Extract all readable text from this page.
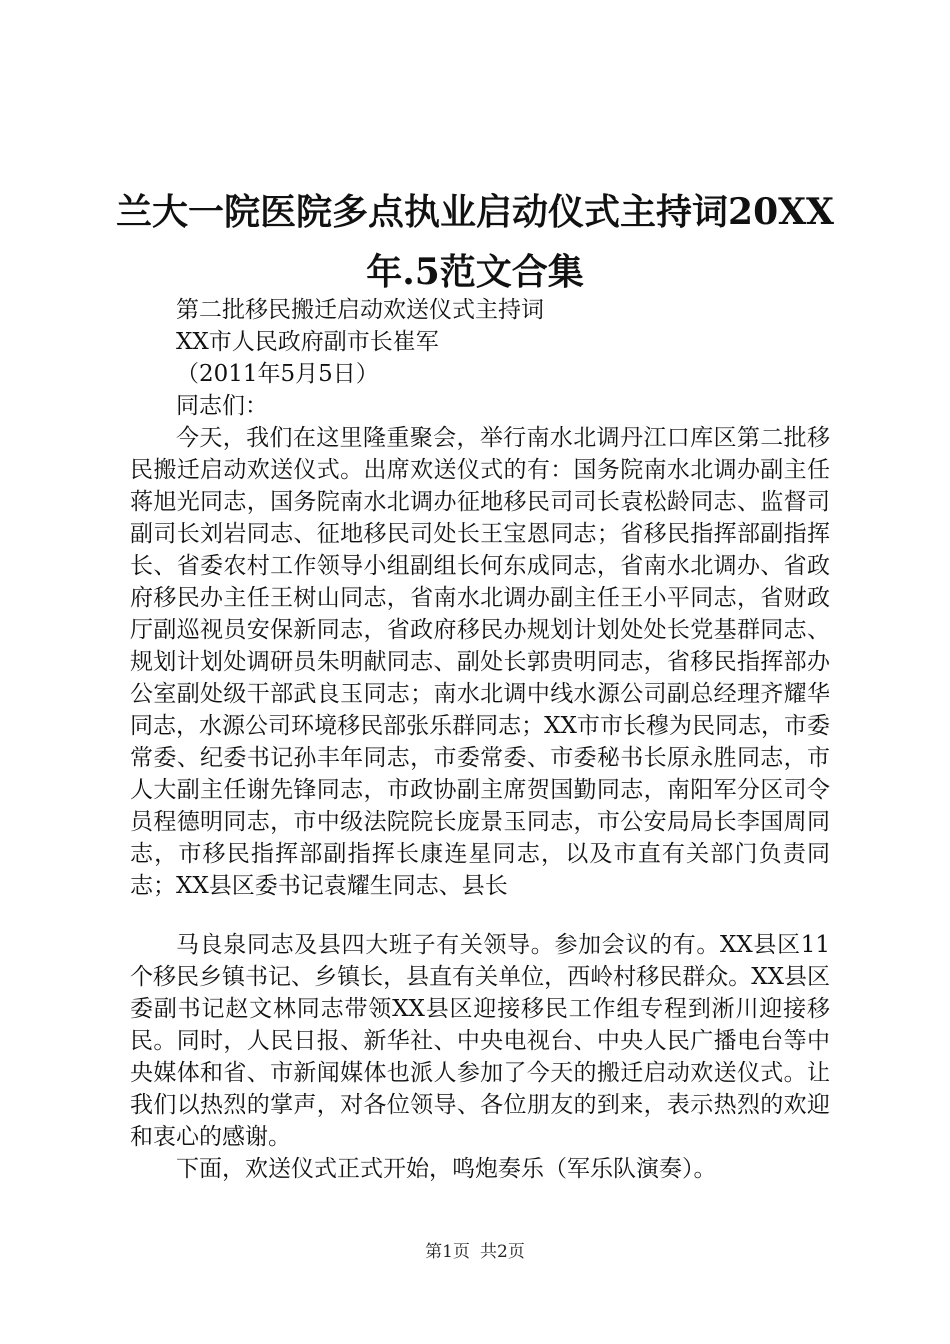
兰大一院医院多点执业启动仪式主持词20XX
年.5范文合集
第二批移民搬迁启动欢送仪式主持词
XX市人民政府副市长崔军
（2011年5月5日）
同志们：

今天，我们在这里隆重聚会，举行南水北调丹江口库区第二批移民搬迁启动欢送仪式。出席欢送仪式的有：国务院南水北调办副主任蒋旭光同志，国务院南水北调办征地移民司司长袁松龄同志、监督司副司长刘岩同志、征地移民司处长王宝恩同志；省移民指挥部副指挥长、省委农村工作领导小组副组长何东成同志，省南水北调办、省政府移民办主任王树山同志，省南水北调办副主任王小平同志，省财政厅副巡视员安保新同志，省政府移民办规划计划处处长党基群同志、规划计划处调研员朱明献同志、副处长郭贵明同志，省移民指挥部办公室副处级干部武良玉同志；南水北调中线水源公司副总经理齐耀华同志，水源公司环境移民部张乐群同志；XX市市长穆为民同志，市委常委、纪委书记孙丰年同志，市委常委、市委秘书长原永胜同志，市人大副主任谢先锋同志，市政协副主席贺国勤同志，南阳军分区司令员程德明同志，市中级法院院长庞景玉同志，市公安局局长李国周同志，市移民指挥部副指挥长康连星同志，以及市直有关部门负责同志；XX县区委书记袁耀生同志、县长

马良泉同志及县四大班子有关领导。参加会议的有。XX县区11个移民乡镇书记、乡镇长，县直有关单位，西岭村移民群众。XX县区委副书记赵文林同志带领XX县区迎接移民工作组专程到淅川迎接移民。同时，人民日报、新华社、中央电视台、中央人民广播电台等中央媒体和省、市新闻媒体也派人参加了今天的搬迁启动欢送仪式。让我们以热烈的掌声，对各位领导、各位朋友的到来，表示热烈的欢迎和衷心的感谢。

下面，欢送仪式正式开始，鸣炮奏乐（军乐队演奏）。

第1页 共2页
